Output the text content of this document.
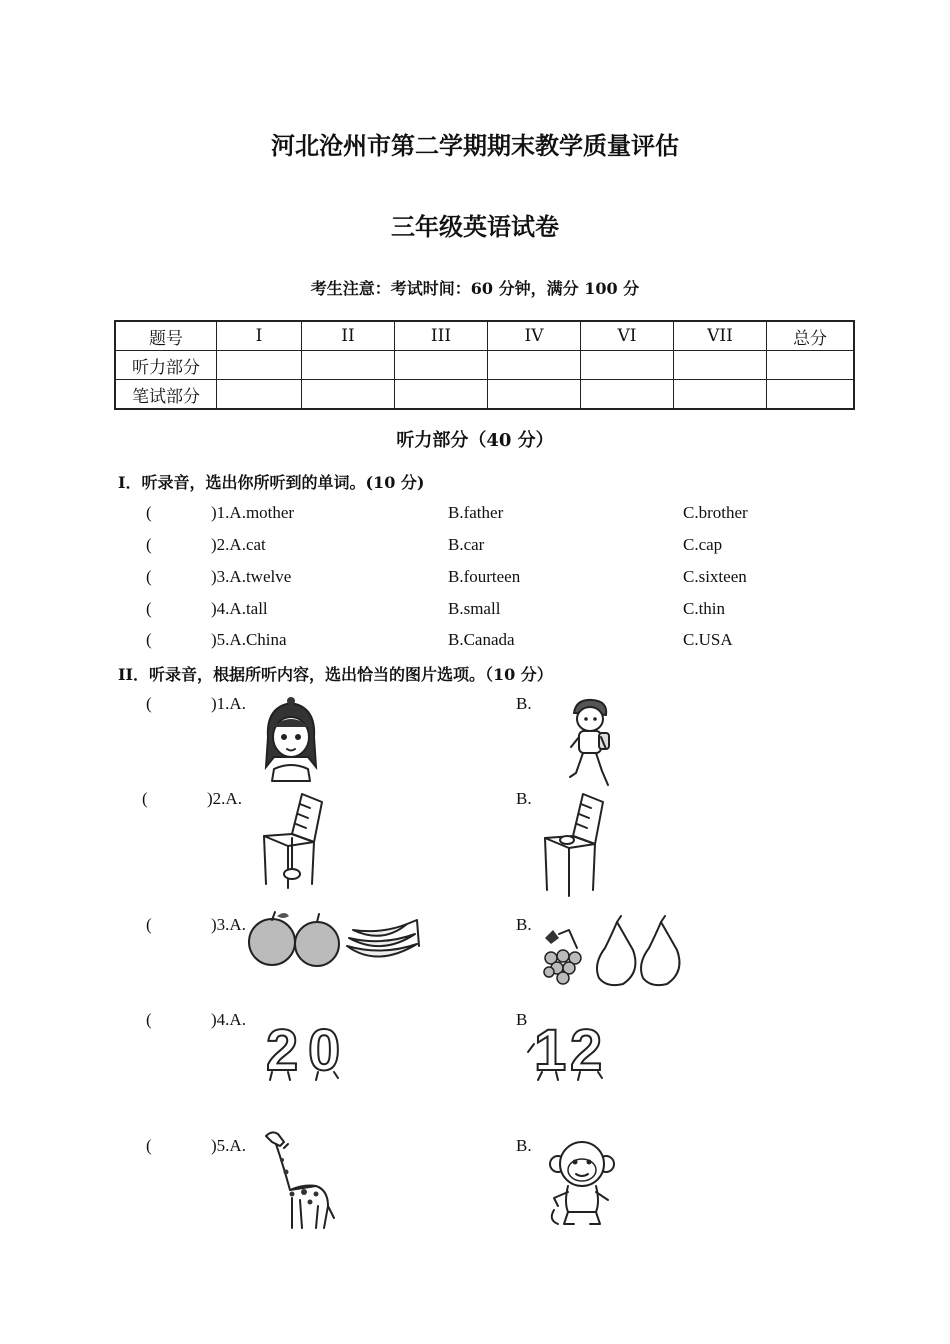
河北沧州市第二学期期末教学质量评估
三年级英语试卷
考生注意：考试时间：60 分钟，满分 100 分
题号	I	II	III	IV	VI	VII	总分
听力部分							
笔试部分							
听力部分（40 分）
I．听录音，选出你所听到的单词。(10 分)
(	)1.A.mother	B.father	C.brother
(	)2.A.cat	B.car	C.cap
(	)3.A.twelve	B.fourteen	C.sixteen
(	)4.A.tall	B.small	C.thin
(	)5.A.China	B.Canada	C.USA
II．听录音，根据所听内容，选出恰当的图片选项。（10 分）
(	)1.A.	B.
(	)2.A.	B.
(	)3.A.	B.
(	)4.A.	B
2 0	1 2
(	)5.A.	B.
